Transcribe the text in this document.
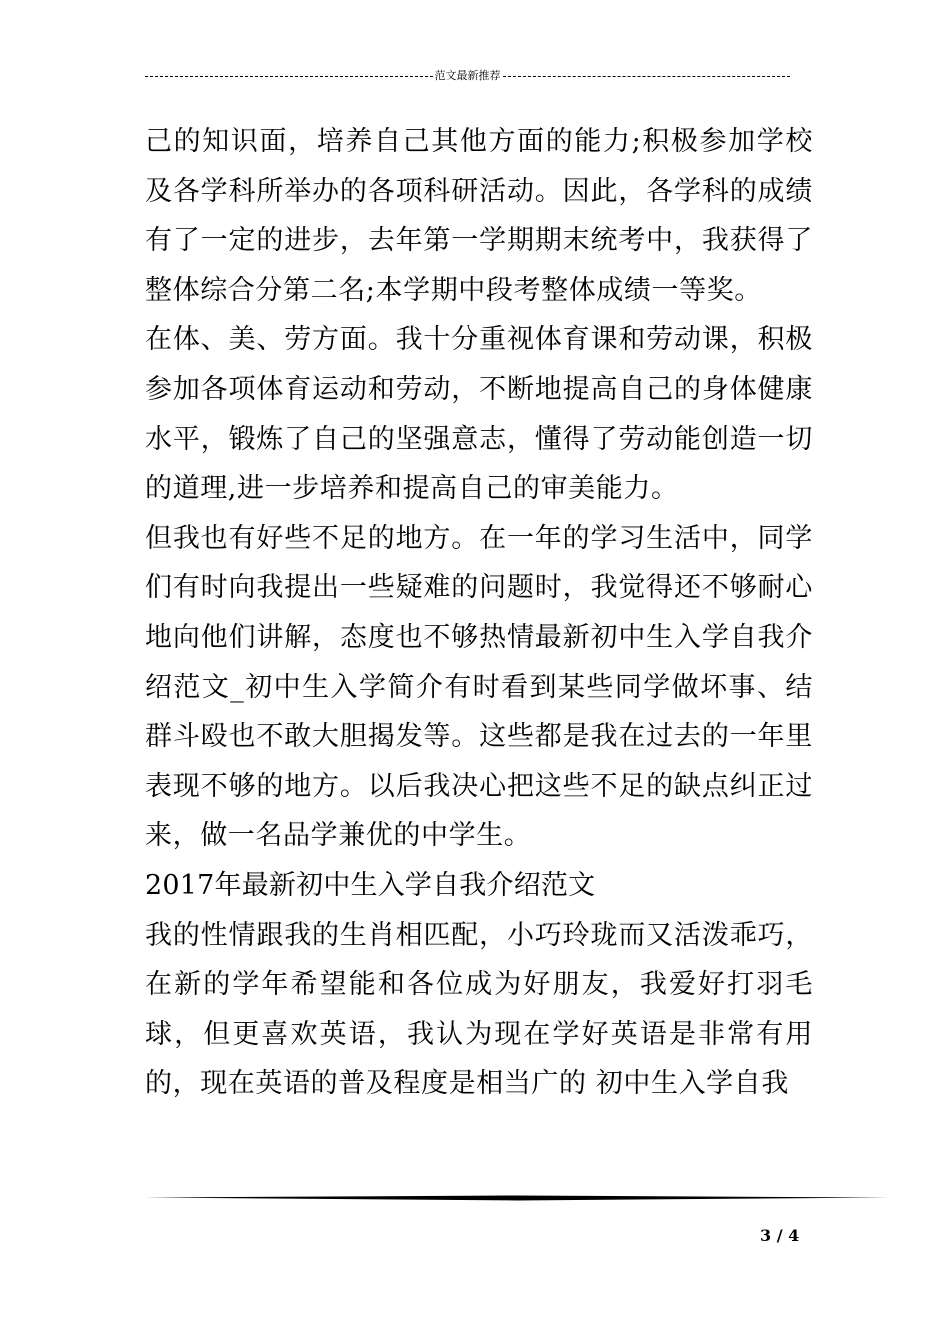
范文最新推荐

己的知识面，培养自己其他方面的能力;积极参加学校及各学科所举办的各项科研活动。因此，各学科的成绩有了一定的进步，去年第一学期期末统考中，我获得了整体综合分第二名;本学期中段考整体成绩一等奖。

在体、美、劳方面。我十分重视体育课和劳动课，积极参加各项体育运动和劳动，不断地提高自己的身体健康水平，锻炼了自己的坚强意志，懂得了劳动能创造一切的道理,进一步培养和提高自己的审美能力。

但我也有好些不足的地方。在一年的学习生活中，同学们有时向我提出一些疑难的问题时，我觉得还不够耐心地向他们讲解，态度也不够热情最新初中生入学自我介绍范文_初中生入学简介有时看到某些同学做坏事、结群斗殴也不敢大胆揭发等。这些都是我在过去的一年里表现不够的地方。以后我决心把这些不足的缺点纠正过来，做一名品学兼优的中学生。

2017年最新初中生入学自我介绍范文

我的性情跟我的生肖相匹配，小巧玲珑而又活泼乖巧，在新的学年希望能和各位成为好朋友，我爱好打羽毛球，但更喜欢英语，我认为现在学好英语是非常有用的，现在英语的普及程度是相当广的 初中生入学自我

3 / 4
